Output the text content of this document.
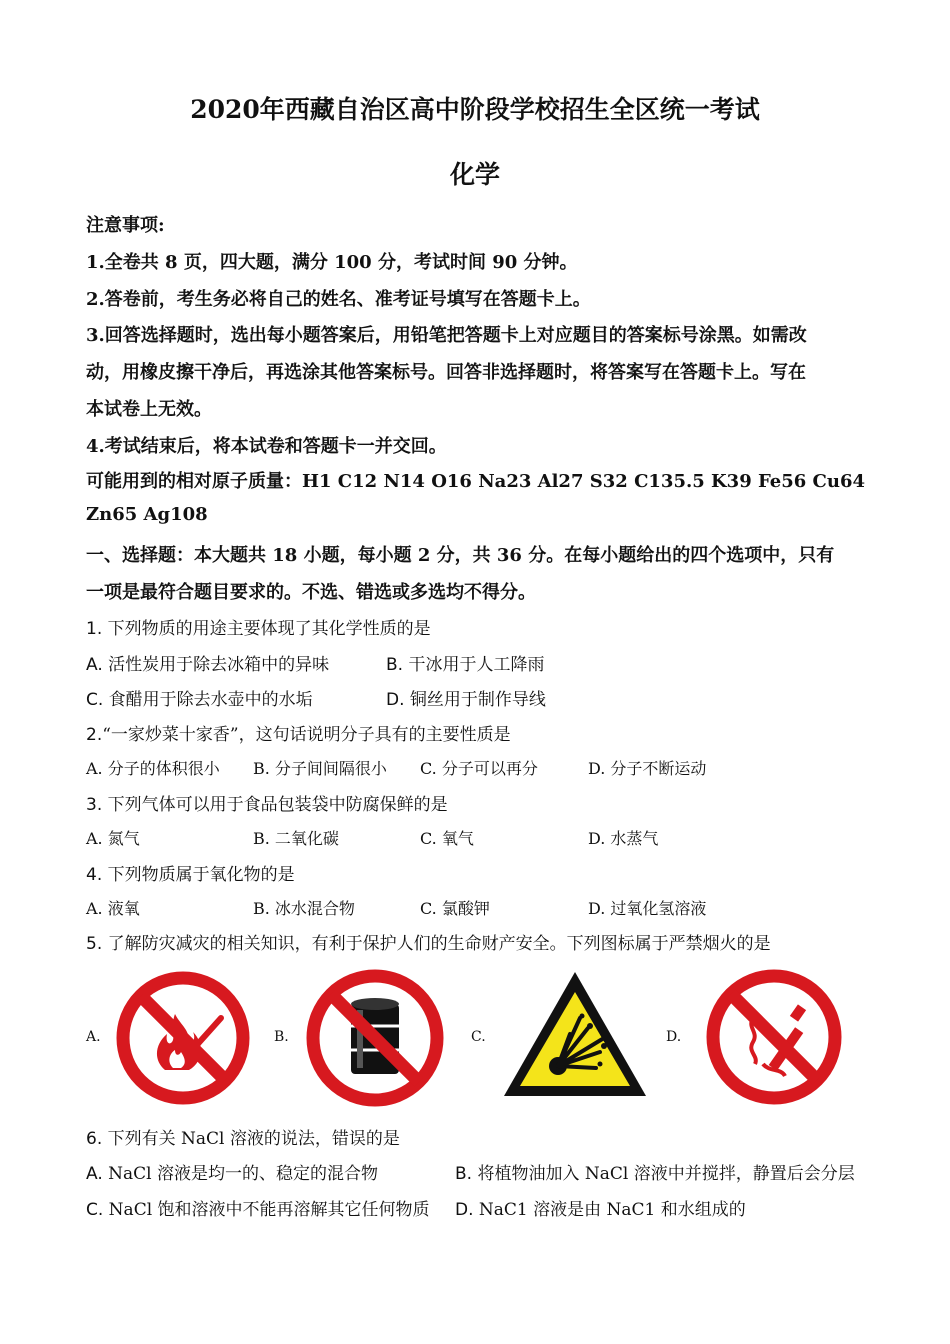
2020年西藏自治区高中阶段学校招生全区统一考试
化学
注意事项:
1.全卷共 8 页，四大题，满分 100 分，考试时间 90 分钟。
2.答卷前，考生务必将自己的姓名、准考证号填写在答题卡上。
3.回答选择题时，选出每小题答案后，用铅笔把答题卡上对应题目的答案标号涂黑。如需改
动，用橡皮擦干净后，再选涂其他答案标号。回答非选择题时，将答案写在答题卡上。写在
本试卷上无效。
4.考试结束后，将本试卷和答题卡一并交回。
可能用到的相对原子质量：H1 C12 N14 O16 Na23 Al27 S32 C135.5 K39 Fe56 Cu64
Zn65 Ag108
一、选择题：本大题共 18 小题，每小题 2 分，共 36 分。在每小题给出的四个选项中，只有
一项是最符合题目要求的。不选、错选或多选均不得分。
1. 下列物质的用途主要体现了其化学性质的是
A. 活性炭用于除去冰箱中的异味	B. 干冰用于人工降雨
C. 食醋用于除去水壶中的水垢	D. 铜丝用于制作导线
2.“一家炒菜十家香”，这句话说明分子具有的主要性质是
A. 分子的体积很小 B. 分子间间隔很小 C. 分子可以再分	D. 分子不断运动
3. 下列气体可以用于食品包装袋中防腐保鲜的是
A. 氮气	B. 二氧化碳	C. 氧气	D. 水蒸气
4. 下列物质属于氧化物的是
A. 液氧	B. 冰水混合物	C. 氯酸钾	D. 过氧化氢溶液
5. 了解防灾减灾的相关知识，有利于保护人们的生命财产安全。下列图标属于严禁烟火的是
A.	B.	C.	D.
6. 下列有关 NaCl 溶液的说法，错误的是
A. NaCl 溶液是均一的、稳定的混合物	B. 将植物油加入 NaCl 溶液中并搅拌，静置后会分层
C. NaCl 饱和溶液中不能再溶解其它任何物质 D. NaC1 溶液是由 NaC1 和水组成的
